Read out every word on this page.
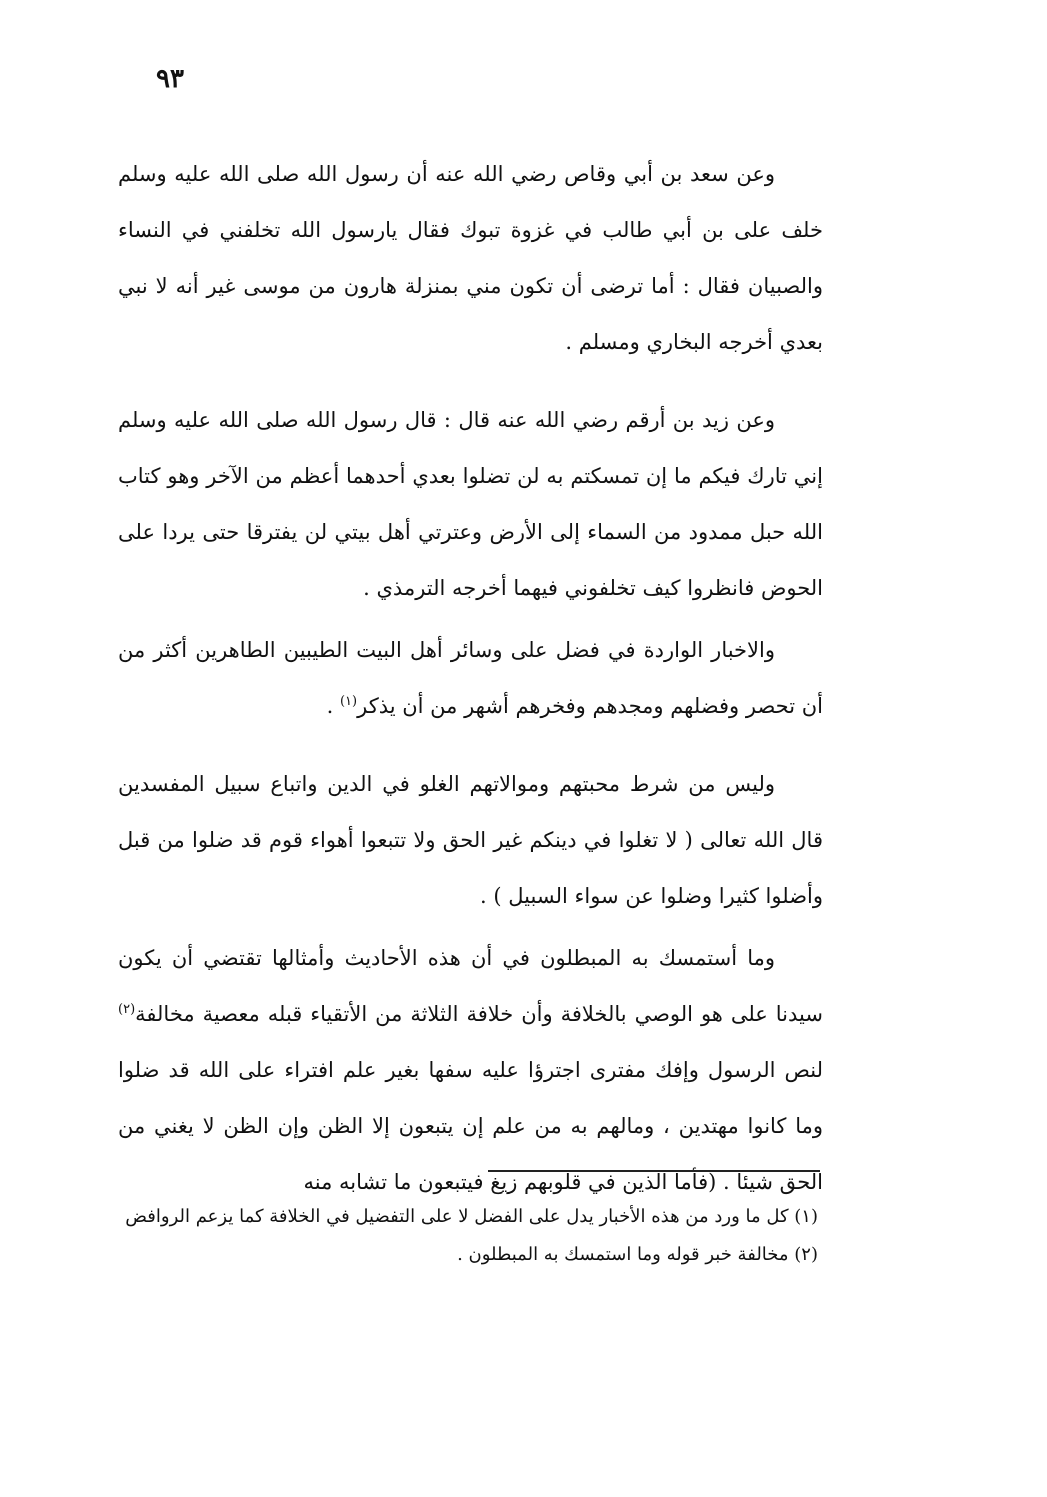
٩٣

وعن سعد بن أبي وقاص رضي الله عنه أن رسول الله صلى الله عليه وسلم خلف على بن أبي طالب في غزوة تبوك فقال يارسول الله تخلفني في النساء والصبيان فقال : أما ترضى أن تكون مني بمنزلة هارون من موسى غير أنه لا نبي بعدي أخرجه البخاري ومسلم .

وعن زيد بن أرقم رضي الله عنه قال : قال رسول الله صلى الله عليه وسلم إني تارك فيكم ما إن تمسكتم به لن تضلوا بعدي أحدهما أعظم من الآخر وهو كتاب الله حبل ممدود من السماء إلى الأرض وعترتي أهل بيتي لن يفترقا حتى يردا على الحوض فانظروا كيف تخلفوني فيهما أخرجه الترمذي .

والاخبار الواردة في فضل على وسائر أهل البيت الطيبين الطاهرين أكثر من أن تحصر وفضلهم ومجدهم وفخرهم أشهر من أن يذكر$^{(١)}$ .

وليس من شرط محبتهم وموالاتهم الغلو في الدين واتباع سبيل المفسدين قال الله تعالى ( لا تغلوا في دينكم غير الحق ولا تتبعوا أهواء قوم قد ضلوا من قبل وأضلوا كثيرا وضلوا عن سواء السبيل ) .

وما أستمسك به المبطلون في أن هذه الأحاديث وأمثالها تقتضي أن يكون سيدنا على هو الوصي بالخلافة وأن خلافة الثلاثة من الأتقياء قبله معصية مخالفة$^{(٢)}$ لنص الرسول وإفك مفترى اجترؤا عليه سفها بغير علم افتراء على الله قد ضلوا وما كانوا مهتدين ، ومالهم به من علم إن يتبعون إلا الظن وإن الظن لا يغني من الحق شيئا . (فأما الذين في قلوبهم زيغ فيتبعون ما تشابه منه

(١) كل ما ورد من هذه الأخبار يدل على الفضل لا على التفضيل في الخلافة كما يزعم الروافض

(٢) مخالفة خبر قوله وما استمسك به المبطلون .
